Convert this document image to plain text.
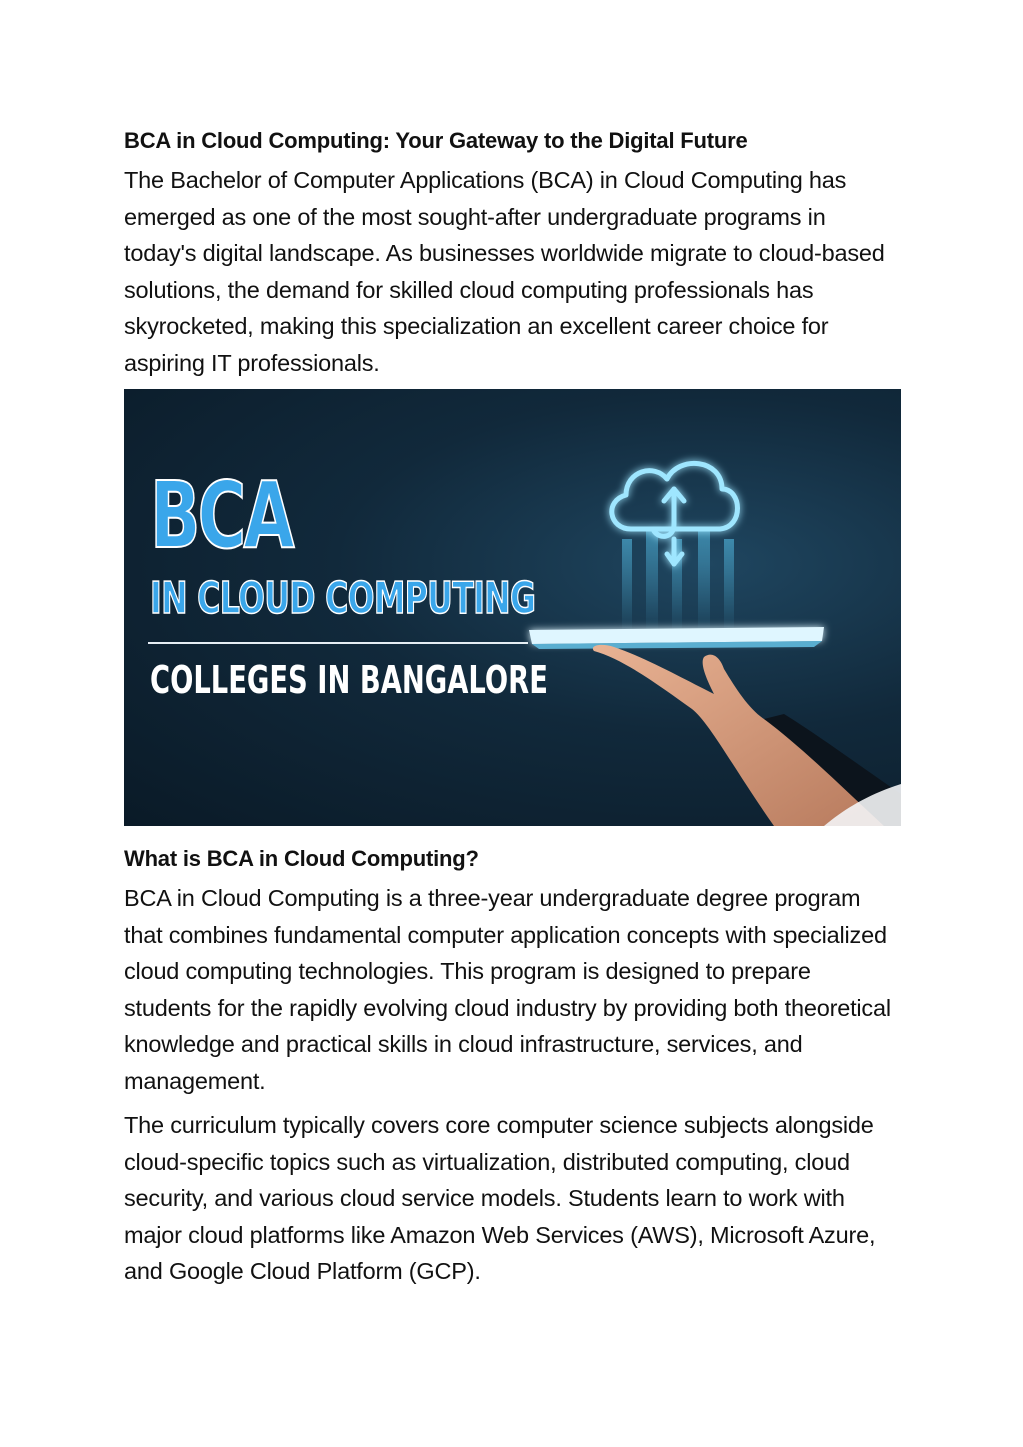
BCA in Cloud Computing: Your Gateway to the Digital Future

The Bachelor of Computer Applications (BCA) in Cloud Computing has emerged as one of the most sought-after undergraduate programs in today's digital landscape. As businesses worldwide migrate to cloud-based solutions, the demand for skilled cloud computing professionals has skyrocketed, making this specialization an excellent career choice for aspiring IT professionals.

BCA
IN CLOUD COMPUTING
COLLEGES IN BANGALORE
What is BCA in Cloud Computing?

BCA in Cloud Computing is a three-year undergraduate degree program that combines fundamental computer application concepts with specialized cloud computing technologies. This program is designed to prepare students for the rapidly evolving cloud industry by providing both theoretical knowledge and practical skills in cloud infrastructure, services, and management.

The curriculum typically covers core computer science subjects alongside cloud-specific topics such as virtualization, distributed computing, cloud security, and various cloud service models. Students learn to work with major cloud platforms like Amazon Web Services (AWS), Microsoft Azure, and Google Cloud Platform (GCP).
